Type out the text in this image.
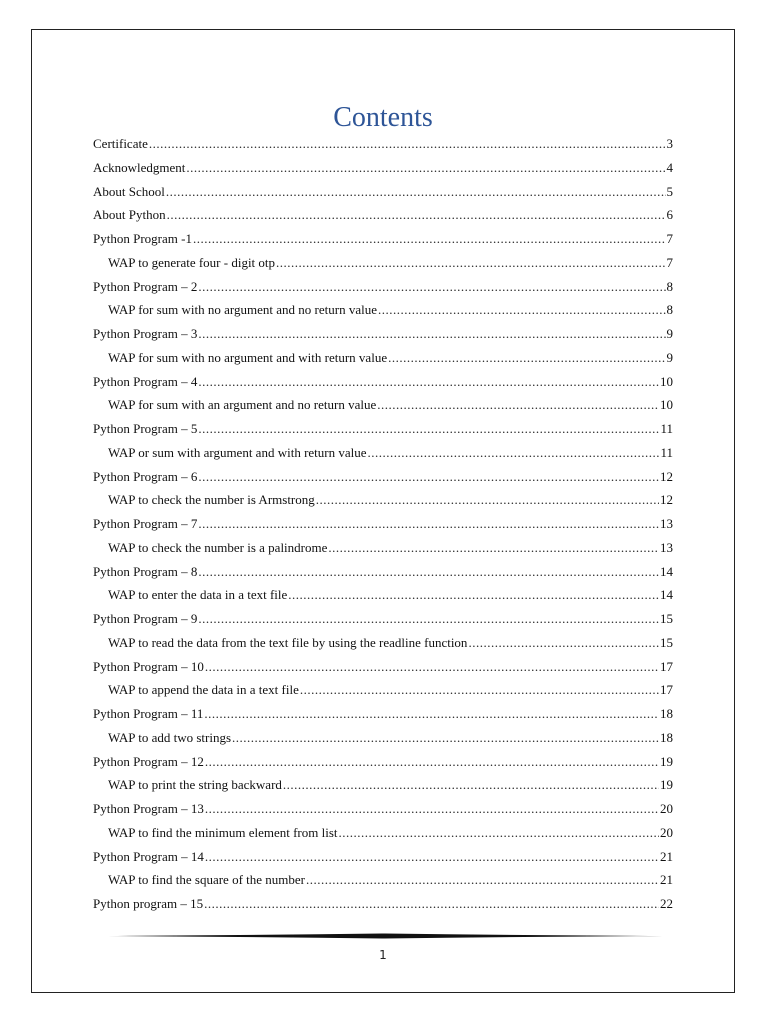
Contents
Certificate .....	3
Acknowledgment .....	4
About School .....	5
About Python .....	6
Python Program -1 .....	7
WAP to generate four - digit otp .....	7
Python Program – 2 .....	8
WAP for sum with no argument and no return value .....	8
Python Program – 3 .....	9
WAP for sum with no argument and with return value .....	9
Python Program – 4 .....	10
WAP for sum with an argument and no return value .....	10
Python Program – 5 .....	11
WAP or sum with argument and with return value .....	11
Python Program – 6 .....	12
WAP to check the number is Armstrong .....	12
Python Program – 7 .....	13
WAP to check the number is a palindrome .....	13
Python Program – 8 .....	14
WAP to enter the data in a text file .....	14
Python Program – 9 .....	15
WAP to read the data from the text file by using the readline function .....	15
Python Program – 10 .....	17
WAP to append the data in a text file .....	17
Python Program – 11 .....	18
WAP to add two strings .....	18
Python Program – 12 .....	19
WAP to print the string backward .....	19
Python Program – 13 .....	20
WAP to find the minimum element from list .....	20
Python Program – 14 .....	21
WAP to find the square of the number .....	21
Python program – 15 .....	22
1
